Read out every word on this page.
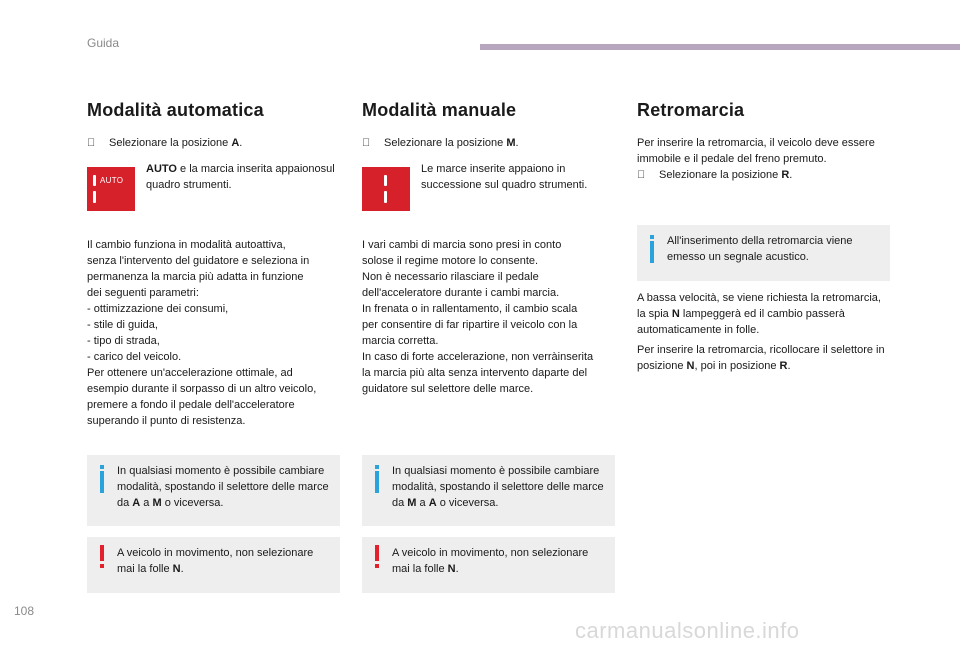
Guida
Modalità automatica
Selezionare la posizione A.
AUTO
AUTO e la marcia inserita appaionosul quadro strumenti.
Il cambio funziona in modalità autoattiva,
senza l'intervento del guidatore e seleziona in
permanenza la marcia più adatta in funzione
dei seguenti parametri:
- ottimizzazione dei consumi,
- stile di guida,
- tipo di strada,
- carico del veicolo.
Per ottenere un'accelerazione ottimale, ad
esempio durante il sorpasso di un altro veicolo,
premere a fondo il pedale dell'acceleratore
superando il punto di resistenza.
In qualsiasi momento è possibile cambiare modalità, spostando il selettore delle marce da A a M o viceversa.
A veicolo in movimento, non selezionare mai la folle N.
Modalità manuale
Selezionare la posizione M.
Le marce inserite appaiono in successione sul quadro strumenti.
I vari cambi di marcia sono presi in conto
solose il regime motore lo consente.
Non è necessario rilasciare il pedale
dell'acceleratore durante i cambi marcia.
In frenata o in rallentamento, il cambio scala
per consentire di far ripartire il veicolo con la
marcia corretta.
In caso di forte accelerazione, non verràinserita
la marcia più alta senza intervento daparte del
guidatore sul selettore delle marce.
In qualsiasi momento è possibile cambiare modalità, spostando il selettore delle marce da M a A o viceversa.
A veicolo in movimento, non selezionare mai la folle N.
Retromarcia

Per inserire la retromarcia, il veicolo deve essere immobile e il pedale del freno premuto.

Selezionare la posizione R.
All'inserimento della retromarcia viene emesso un segnale acustico.

A bassa velocità, se viene richiesta la retromarcia, la spia N lampeggerà ed il cambio passerà automaticamente in folle.

Per inserire la retromarcia, ricollocare il selettore in posizione N, poi in posizione R.

108
carmanualsonline.info
